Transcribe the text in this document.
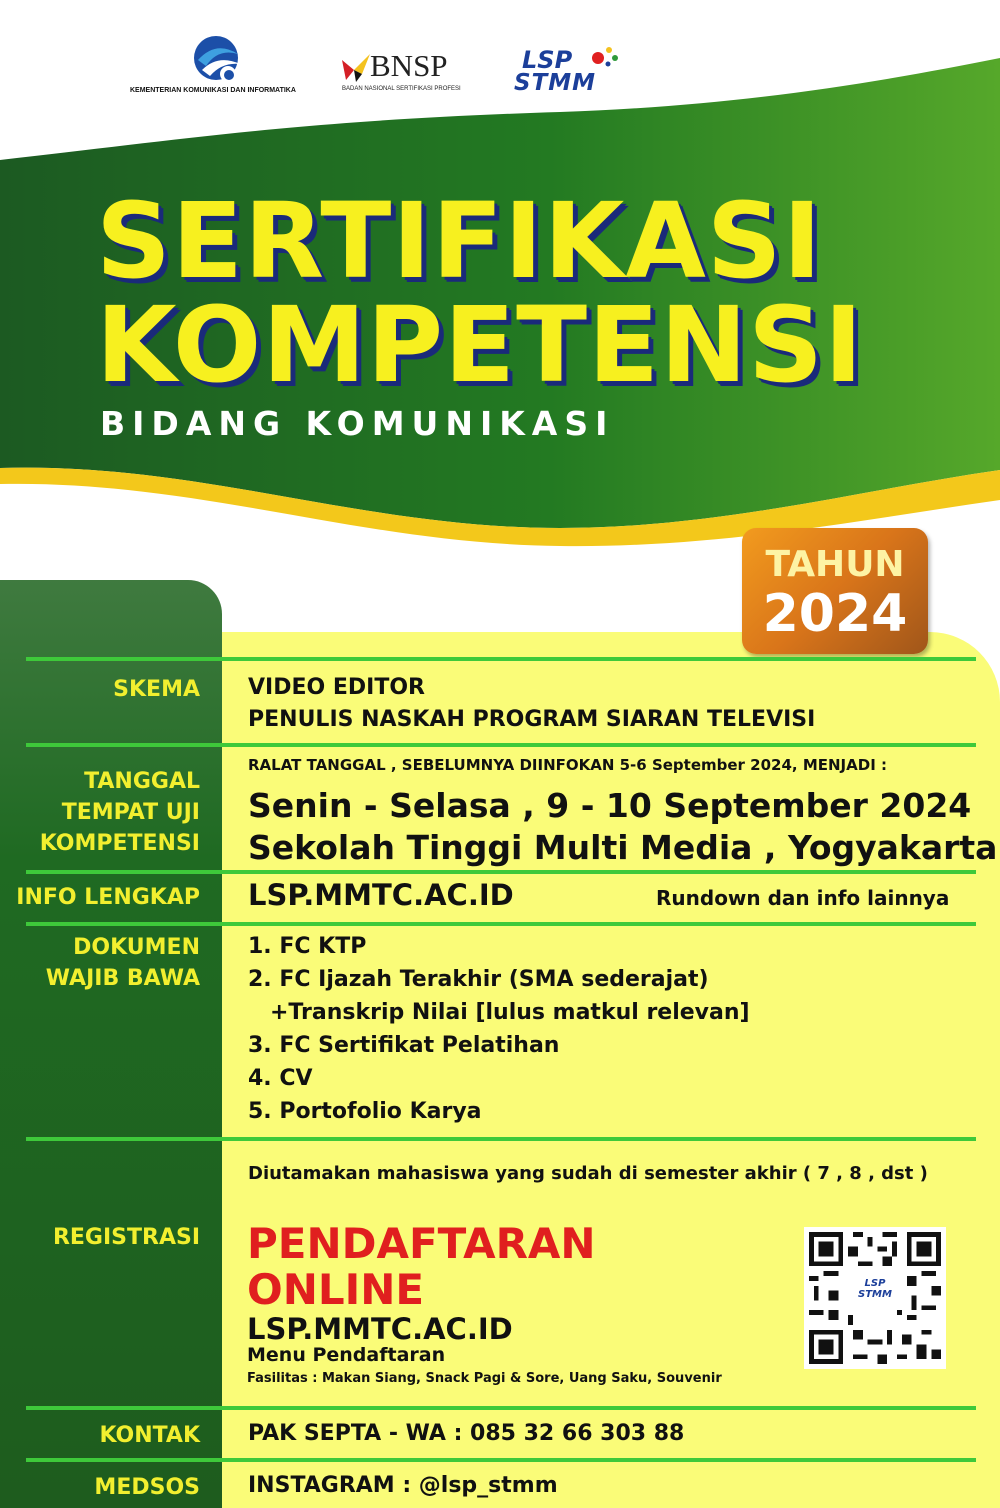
KEMENTERIAN KOMUNIKASI DAN INFORMATIKA
BNSP
BADAN NASIONAL SERTIFIKASI PROFESI
LSP
STMM
SERTIFIKASI
KOMPETENSI
BIDANG KOMUNIKASI
TAHUN
2024
SKEMA VIDEO EDITOR
PENULIS NASKAH PROGRAM SIARAN TELEVISI
TANGGAL
TEMPAT UJI
KOMPETENSI
RALAT TANGGAL , SEBELUMNYA DIINFOKAN 5-6 September 2024, MENJADI :
Senin - Selasa , 9 - 10 September 2024
Sekolah Tinggi Multi Media , Yogyakarta
INFO LENGKAP LSP.MMTC.AC.ID	Rundown dan info lainnya
DOKUMEN
WAJIB BAWA
1. FC KTP
2. FC Ijazah Terakhir (SMA sederajat)
+Transkrip Nilai [lulus matkul relevan]
3. FC Sertifikat Pelatihan
4. CV
5. Portofolio Karya
Diutamakan mahasiswa yang sudah di semester akhir ( 7 , 8 , dst )
REGISTRASI PENDAFTARAN
ONLINE
LSP.MMTC.AC.ID
Menu Pendaftaran
Fasilitas : Makan Siang, Snack Pagi & Sore, Uang Saku, Souvenir
LSP
STMM
KONTAK PAK SEPTA - WA : 085 32 66 303 88
MEDSOS INSTAGRAM : @lsp_stmm
